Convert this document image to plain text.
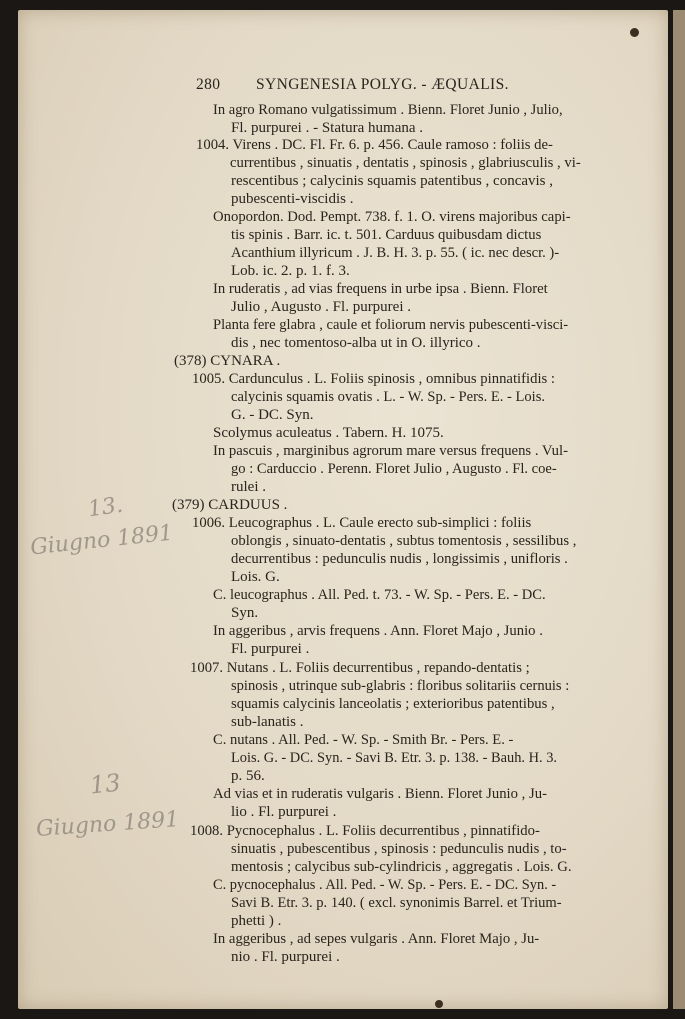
280 SYNGENESIA POLYG. - ÆQUALIS.
In agro Romano vulgatissimum . Bienn. Floret Junio , Julio,
Fl. purpurei . - Statura humana .
1004. Virens . DC. Fl. Fr. 6. p. 456. Caule ramoso : foliis de-
currentibus , sinuatis , dentatis , spinosis , glabriusculis , vi-
rescentibus ; calycinis squamis patentibus , concavis ,
pubescenti-viscidis .
Onopordon. Dod. Pempt. 738. f. 1. O. virens majoribus capi-
tis spinis . Barr. ic. t. 501. Carduus quibusdam dictus
Acanthium illyricum . J. B. H. 3. p. 55. ( ic. nec descr. )-
Lob. ic. 2. p. 1. f. 3.
In ruderatis , ad vias frequens in urbe ipsa . Bienn. Floret
Julio , Augusto . Fl. purpurei .
Planta fere glabra , caule et foliorum nervis pubescenti-visci-
dis , nec tomentoso-alba ut in O. illyrico .
(378) CYNARA .
1005. Cardunculus . L. Foliis spinosis , omnibus pinnatifidis :
calycinis squamis ovatis . L. - W. Sp. - Pers. E. - Lois.
G. - DC. Syn.
Scolymus aculeatus . Tabern. H. 1075.
In pascuis , marginibus agrorum mare versus frequens . Vul-
go : Carduccio . Perenn. Floret Julio , Augusto . Fl. coe-
rulei .
(379) CARDUUS .
1006. Leucographus . L. Caule erecto sub-simplici : foliis
oblongis , sinuato-dentatis , subtus tomentosis , sessilibus ,
decurrentibus : pedunculis nudis , longissimis , unifloris .
Lois. G.
C. leucographus . All. Ped. t. 73. - W. Sp. - Pers. E. - DC.
Syn.
In aggeribus , arvis frequens . Ann. Floret Majo , Junio .
Fl. purpurei .
1007. Nutans . L. Foliis decurrentibus , repando-dentatis ;
spinosis , utrinque sub-glabris : floribus solitariis cernuis :
squamis calycinis lanceolatis ; exterioribus patentibus ,
sub-lanatis .
C. nutans . All. Ped. - W. Sp. - Smith Br. - Pers. E. -
Lois. G. - DC. Syn. - Savi B. Etr. 3. p. 138. - Bauh. H. 3.
p. 56.
Ad vias et in ruderatis vulgaris . Bienn. Floret Junio , Ju-
lio . Fl. purpurei .
1008. Pycnocephalus . L. Foliis decurrentibus , pinnatifido-
sinuatis , pubescentibus , spinosis : pedunculis nudis , to-
mentosis ; calycibus sub-cylindricis , aggregatis . Lois. G.
C. pycnocephalus . All. Ped. - W. Sp. - Pers. E. - DC. Syn. -
Savi B. Etr. 3. p. 140. ( excl. synonimis Barrel. et Trium-
phetti ) .
In aggeribus , ad sepes vulgaris . Ann. Floret Majo , Ju-
nio . Fl. purpurei .
13.
Giugno 1891
13
Giugno 1891
